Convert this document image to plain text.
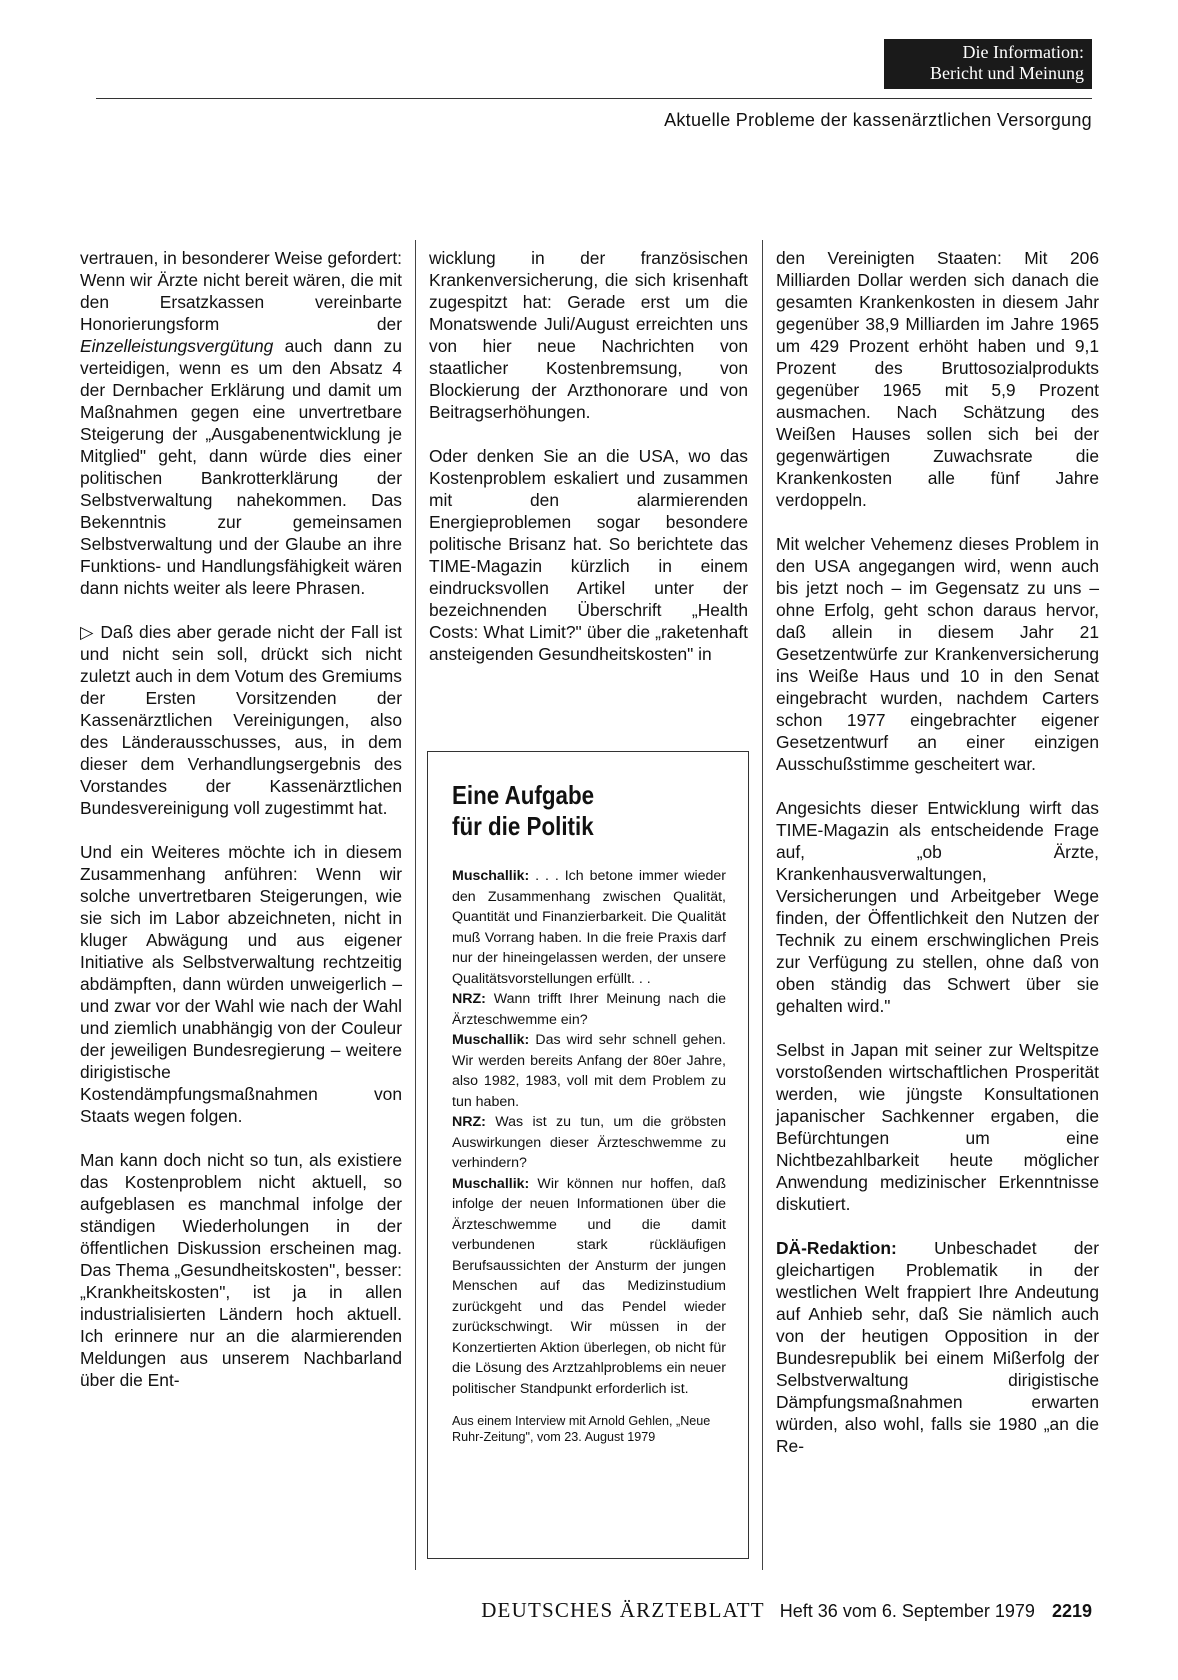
Die Information:
Bericht und Meinung
Aktuelle Probleme der kassenärztlichen Versorgung

vertrauen, in besonderer Weise gefordert: Wenn wir Ärzte nicht bereit wären, die mit den Ersatzkassen vereinbarte Honorierungsform der Einzelleistungsvergütung auch dann zu verteidigen, wenn es um den Absatz 4 der Dernbacher Erklärung und damit um Maßnahmen gegen eine unvertretbare Steigerung der „Ausgabenentwicklung je Mitglied" geht, dann würde dies einer politischen Bankrotterklärung der Selbstverwaltung nahekommen. Das Bekenntnis zur gemeinsamen Selbstverwaltung und der Glaube an ihre Funktions- und Handlungsfähigkeit wären dann nichts weiter als leere Phrasen.

▷ Daß dies aber gerade nicht der Fall ist und nicht sein soll, drückt sich nicht zuletzt auch in dem Votum des Gremiums der Ersten Vorsitzenden der Kassenärztlichen Vereinigungen, also des Länderausschusses, aus, in dem dieser dem Verhandlungsergebnis des Vorstandes der Kassenärztlichen Bundesvereinigung voll zugestimmt hat.

Und ein Weiteres möchte ich in diesem Zusammenhang anführen: Wenn wir solche unvertretbaren Steigerungen, wie sie sich im Labor abzeichneten, nicht in kluger Abwägung und aus eigener Initiative als Selbstverwaltung rechtzeitig abdämpften, dann würden unweigerlich – und zwar vor der Wahl wie nach der Wahl und ziemlich unabhängig von der Couleur der jeweiligen Bundesregierung – weitere dirigistische Kostendämpfungsmaßnahmen von Staats wegen folgen.

Man kann doch nicht so tun, als existiere das Kostenproblem nicht aktuell, so aufgeblasen es manchmal infolge der ständigen Wiederholungen in der öffentlichen Diskussion erscheinen mag. Das Thema „Gesundheitskosten", besser: „Krankheitskosten", ist ja in allen industrialisierten Ländern hoch aktuell. Ich erinnere nur an die alarmierenden Meldungen aus unserem Nachbarland über die Ent-

wicklung in der französischen Krankenversicherung, die sich krisenhaft zugespitzt hat: Gerade erst um die Monatswende Juli/August erreichten uns von hier neue Nachrichten von staatlicher Kostenbremsung, von Blockierung der Arzthonorare und von Beitragserhöhungen.

Oder denken Sie an die USA, wo das Kostenproblem eskaliert und zusammen mit den alarmierenden Energieproblemen sogar besondere politische Brisanz hat. So berichtete das TIME-Magazin kürzlich in einem eindrucksvollen Artikel unter der bezeichnenden Überschrift „Health Costs: What Limit?" über die „raketenhaft ansteigenden Gesundheitskosten" in

Eine Aufgabe
für die Politik
Muschallik: . . . Ich betone immer wieder den Zusammenhang zwischen Qualität, Quantität und Finanzierbarkeit. Die Qualität muß Vorrang haben. In die freie Praxis darf nur der hineingelassen werden, der unsere Qualitätsvorstellungen erfüllt. . .
NRZ: Wann trifft Ihrer Meinung nach die Ärzteschwemme ein?
Muschallik: Das wird sehr schnell gehen. Wir werden bereits Anfang der 80er Jahre, also 1982, 1983, voll mit dem Problem zu tun haben.
NRZ: Was ist zu tun, um die gröbsten Auswirkungen dieser Ärzteschwemme zu verhindern?
Muschallik: Wir können nur hoffen, daß infolge der neuen Informationen über die Ärzteschwemme und die damit verbundenen stark rückläufigen Berufsaussichten der Ansturm der jungen Menschen auf das Medizinstudium zurückgeht und das Pendel wieder zurückschwingt. Wir müssen in der Konzertierten Aktion überlegen, ob nicht für die Lösung des Arztzahlproblems ein neuer politischer Standpunkt erforderlich ist.
Aus einem Interview mit Arnold Gehlen, „Neue Ruhr-Zeitung", vom 23. August 1979

den Vereinigten Staaten: Mit 206 Milliarden Dollar werden sich danach die gesamten Krankenkosten in diesem Jahr gegenüber 38,9 Milliarden im Jahre 1965 um 429 Prozent erhöht haben und 9,1 Prozent des Bruttosozialprodukts gegenüber 1965 mit 5,9 Prozent ausmachen. Nach Schätzung des Weißen Hauses sollen sich bei der gegenwärtigen Zuwachsrate die Krankenkosten alle fünf Jahre verdoppeln.

Mit welcher Vehemenz dieses Problem in den USA angegangen wird, wenn auch bis jetzt noch – im Gegensatz zu uns – ohne Erfolg, geht schon daraus hervor, daß allein in diesem Jahr 21 Gesetzentwürfe zur Krankenversicherung ins Weiße Haus und 10 in den Senat eingebracht wurden, nachdem Carters schon 1977 eingebrachter eigener Gesetzentwurf an einer einzigen Ausschußstimme gescheitert war.

Angesichts dieser Entwicklung wirft das TIME-Magazin als entscheidende Frage auf, „ob Ärzte, Krankenhausverwaltungen, Versicherungen und Arbeitgeber Wege finden, der Öffentlichkeit den Nutzen der Technik zu einem erschwinglichen Preis zur Verfügung zu stellen, ohne daß von oben ständig das Schwert über sie gehalten wird."

Selbst in Japan mit seiner zur Weltspitze vorstoßenden wirtschaftlichen Prosperität werden, wie jüngste Konsultationen japanischer Sachkenner ergaben, die Befürchtungen um eine Nichtbezahlbarkeit heute möglicher Anwendung medizinischer Erkenntnisse diskutiert.

DÄ-Redaktion: Unbeschadet der gleichartigen Problematik in der westlichen Welt frappiert Ihre Andeutung auf Anhieb sehr, daß Sie nämlich auch von der heutigen Opposition in der Bundesrepublik bei einem Mißerfolg der Selbstverwaltung dirigistische Dämpfungsmaßnahmen erwarten würden, also wohl, falls sie 1980 „an die Re-

DEUTSCHES ÄRZTEBLATT Heft 36 vom 6. September 1979 2219
